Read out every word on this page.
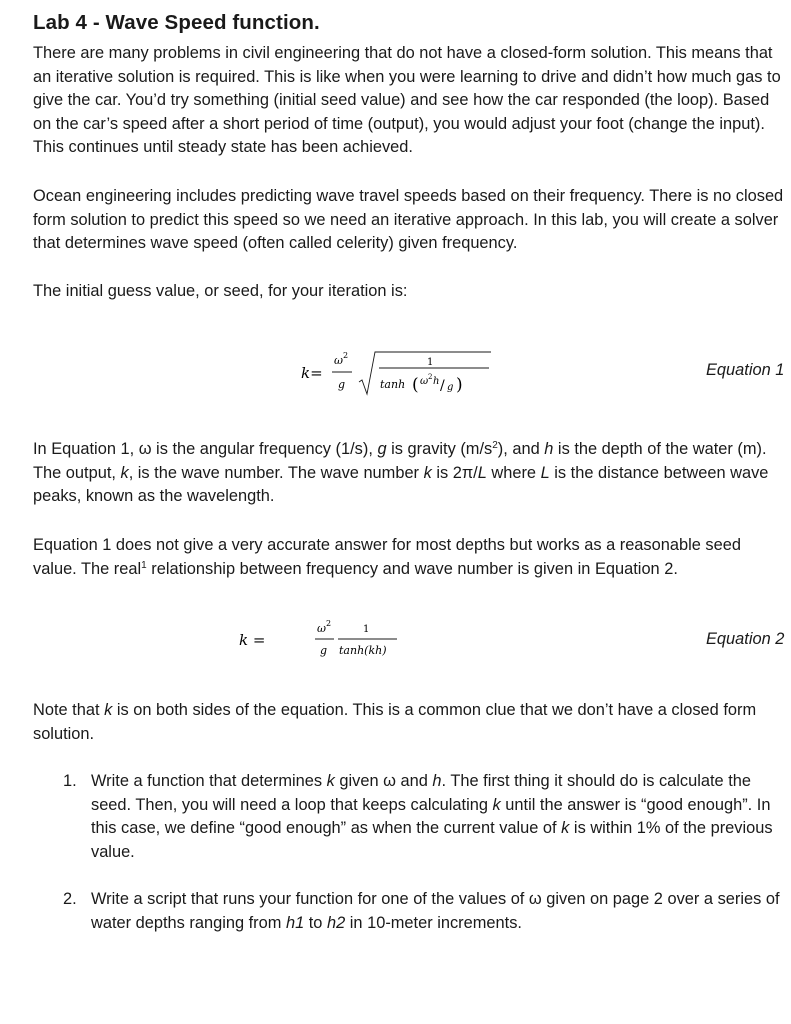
Lab 4 - Wave Speed function.

There are many problems in civil engineering that do not have a closed-form solution. This means that an iterative solution is required. This is like when you were learning to drive and didn’t how much gas to give the car. You’d try something (initial seed value) and see how the car responded (the loop). Based on the car’s speed after a short period of time (output), you would adjust your foot (change the input). This continues until steady state has been achieved.

Ocean engineering includes predicting wave travel speeds based on their frequency. There is no closed form solution to predict this speed so we need an iterative approach. In this lab, you will create a solver that determines wave speed (often called celerity) given frequency.

The initial guess value, or seed, for your iteration is:

k=
ω 2
g
1
tanh ( ω 2 h / g )
Equation 1

In Equation 1, ω is the angular frequency (1/s), g is gravity $(m/s^2)$, and h is the depth of the water (m). The output, k, is the wave number. The wave number k is 2π/L where L is the distance between wave peaks, known as the wavelength.

Equation 1 does not give a very accurate answer for most depths but works as a reasonable seed value. The real$^1$ relationship between frequency and wave number is given in Equation 2.

k =
ω 2
g
1
tanh(kh)
Equation 2

Note that k is on both sides of the equation. This is a common clue that we don’t have a closed form solution.

1. Write a function that determines k given ω and h. The first thing it should do is calculate the seed. Then, you will need a loop that keeps calculating k until the answer is “good enough”. In this case, we define “good enough” as when the current value of k is within 1% of the previous value.
2. Write a script that runs your function for one of the values of ω given on page 2 over a series of water depths ranging from h1 to h2 in 10-meter increments.
